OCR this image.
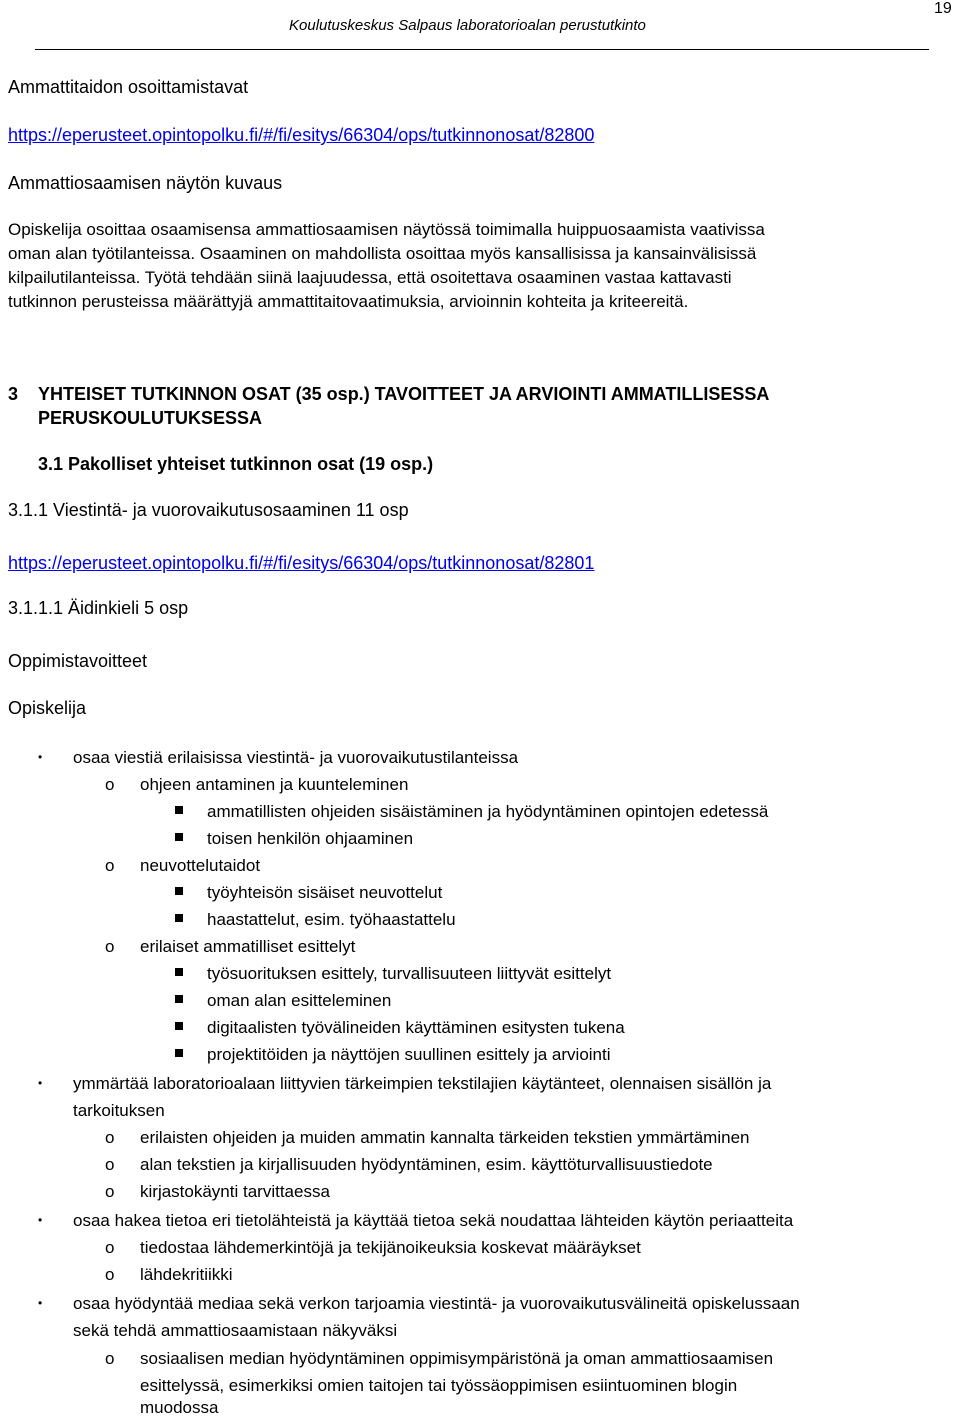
19
Koulutuskeskus Salpaus laboratorioalan perustutkinto
Ammattitaidon osoittamistavat
https://eperusteet.opintopolku.fi/#/fi/esitys/66304/ops/tutkinnonosat/82800
Ammattiosaamisen näytön kuvaus
Opiskelija osoittaa osaamisensa ammattiosaamisen näytössä toimimalla huippuosaamista vaativissa
oman alan työtilanteissa. Osaaminen on mahdollista osoittaa myös kansallisissa ja kansainvälisissä
kilpailutilanteissa. Työtä tehdään siinä laajuudessa, että osoitettava osaaminen vastaa kattavasti
tutkinnon perusteissa määrättyjä ammattitaitovaatimuksia, arvioinnin kohteita ja kriteereitä.
3 YHTEISET TUTKINNON OSAT (35 osp.) TAVOITTEET JA ARVIOINTI AMMATILLISESSA
PERUSKOULUTUKSESSA
3.1 Pakolliset yhteiset tutkinnon osat (19 osp.)
3.1.1 Viestintä- ja vuorovaikutusosaaminen 11 osp
https://eperusteet.opintopolku.fi/#/fi/esitys/66304/ops/tutkinnonosat/82801
3.1.1.1 Äidinkieli 5 osp
Oppimistavoitteet
Opiskelija
• osaa viestiä erilaisissa viestintä- ja vuorovaikutustilanteissa
o ohjeen antaminen ja kuunteleminen
ammatillisten ohjeiden sisäistäminen ja hyödyntäminen opintojen edetessä
toisen henkilön ohjaaminen
o neuvottelutaidot
työyhteisön sisäiset neuvottelut
haastattelut, esim. työhaastattelu
o erilaiset ammatilliset esittelyt
työsuorituksen esittely, turvallisuuteen liittyvät esittelyt
oman alan esitteleminen
digitaalisten työvälineiden käyttäminen esitysten tukena
projektitöiden ja näyttöjen suullinen esittely ja arviointi
• ymmärtää laboratorioalaan liittyvien tärkeimpien tekstilajien käytänteet, olennaisen sisällön ja
tarkoituksen
o erilaisten ohjeiden ja muiden ammatin kannalta tärkeiden tekstien ymmärtäminen
o alan tekstien ja kirjallisuuden hyödyntäminen, esim. käyttöturvallisuustiedote
o kirjastokäynti tarvittaessa
• osaa hakea tietoa eri tietolähteistä ja käyttää tietoa sekä noudattaa lähteiden käytön periaatteita
o tiedostaa lähdemerkintöjä ja tekijänoikeuksia koskevat määräykset
o lähdekritiikki
• osaa hyödyntää mediaa sekä verkon tarjoamia viestintä- ja vuorovaikutusvälineitä opiskelussaan
sekä tehdä ammattiosaamistaan näkyväksi
o sosiaalisen median hyödyntäminen oppimisympäristönä ja oman ammattiosaamisen
esittelyssä, esimerkiksi omien taitojen tai työssäoppimisen esiintuominen blogin
muodossa
